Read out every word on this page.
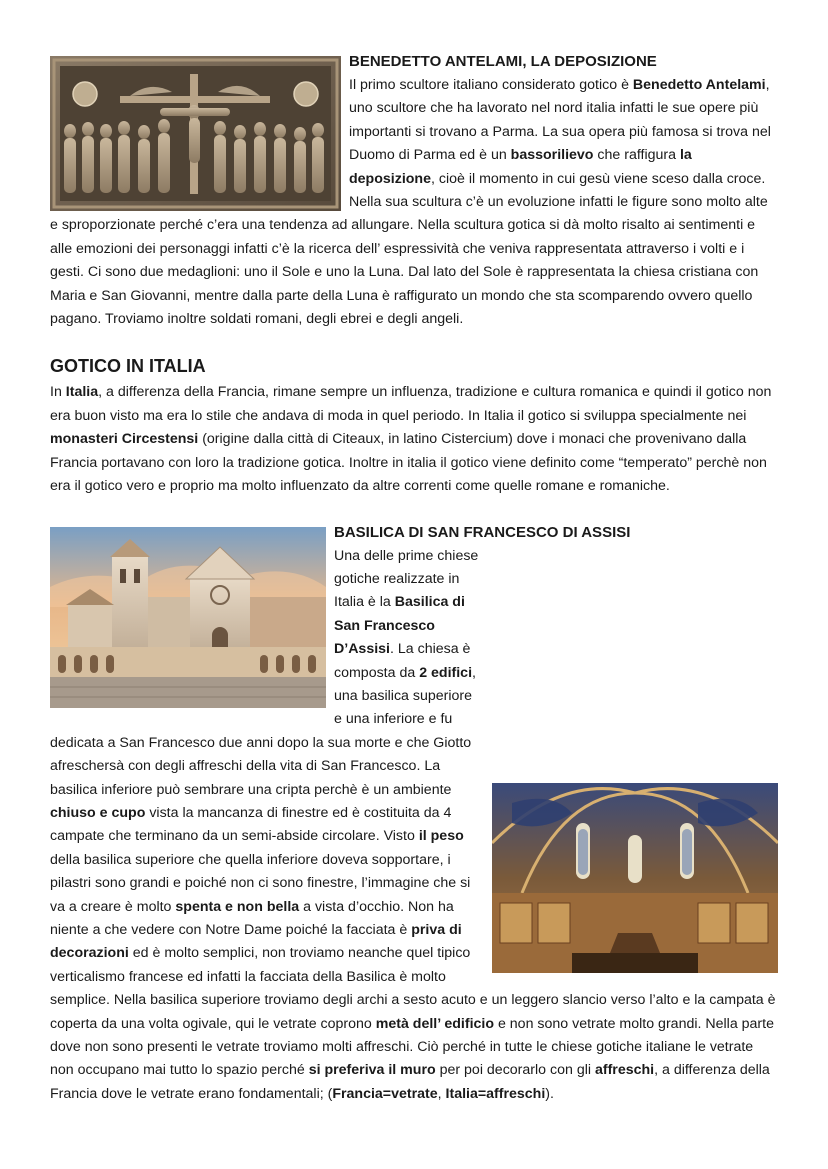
BENEDETTO ANTELAMI, LA DEPOSIZIONE

Il primo scultore italiano considerato gotico è Benedetto Antelami, uno scultore che ha lavorato nel nord italia infatti le sue opere più importanti si trovano a Parma. La sua opera più famosa si trova nel Duomo di Parma ed è un bassorilievo che raffigura la deposizione, cioè il momento in cui gesù viene sceso dalla croce. Nella sua scultura c’è un evoluzione infatti le figure sono molto alte e sproporzionate perché c’era una tendenza ad allungare. Nella scultura gotica si dà molto risalto ai sentimenti e alle emozioni dei personaggi infatti c’è la ricerca dell’ espressività che veniva rappresentata attraverso i volti e i gesti. Ci sono due medaglioni: uno il Sole e uno la Luna. Dal lato del Sole è rappresentata la chiesa cristiana con Maria e San Giovanni, mentre dalla parte della Luna è raffigurato un mondo che sta scomparendo ovvero quello pagano. Troviamo inoltre soldati romani, degli ebrei e degli angeli.

GOTICO IN ITALIA

In Italia, a differenza della Francia, rimane sempre un influenza, tradizione e cultura romanica e quindi il gotico non era buon visto ma era lo stile che andava di moda in quel periodo. In Italia il gotico si sviluppa specialmente nei monasteri Circestensi (origine dalla città di Citeaux, in latino Cistercium) dove i monaci che provenivano dalla Francia portavano con loro la tradizione gotica. Inoltre in italia il gotico viene definito come “temperato” perchè non era il gotico vero e proprio ma molto influenzato da altre correnti come quelle romane e romaniche.

BASILICA DI SAN FRANCESCO DI ASSISI

Una delle prime chiese gotiche realizzate in Italia è la Basilica di San Francesco D’Assisi. La chiesa è composta da 2 edifici, una basilica superiore e una inferiore e fu dedicata a San Francesco due anni dopo la sua morte e che Giotto afreschersà con degli affreschi della vita di San Francesco. La basilica inferiore può sembrare una cripta perchè è un ambiente chiuso e cupo vista la mancanza di finestre ed è costituita da 4 campate che terminano da un semi-abside circolare. Visto il peso della basilica superiore che quella inferiore doveva sopportare, i pilastri sono grandi e poiché non ci sono finestre, l’immagine che si va a creare è molto spenta e non bella a vista d’occhio. Non ha niente a che vedere con Notre Dame poiché la facciata è priva di decorazioni ed è molto semplici, non troviamo neanche quel tipico verticalismo francese ed infatti la facciata della Basilica è molto semplice. Nella basilica superiore troviamo degli archi a sesto acuto e un leggero slancio verso l’alto e la campata è coperta da una volta ogivale, qui le vetrate coprono metà dell’ edificio e non sono vetrate molto grandi. Nella parte dove non sono presenti le vetrate troviamo molti affreschi. Ciò perché in tutte le chiese gotiche italiane le vetrate non occupano mai tutto lo spazio perché si preferiva il muro per poi decorarlo con gli affreschi, a differenza della Francia dove le vetrate erano fondamentali; (Francia=vetrate, Italia=affreschi).
